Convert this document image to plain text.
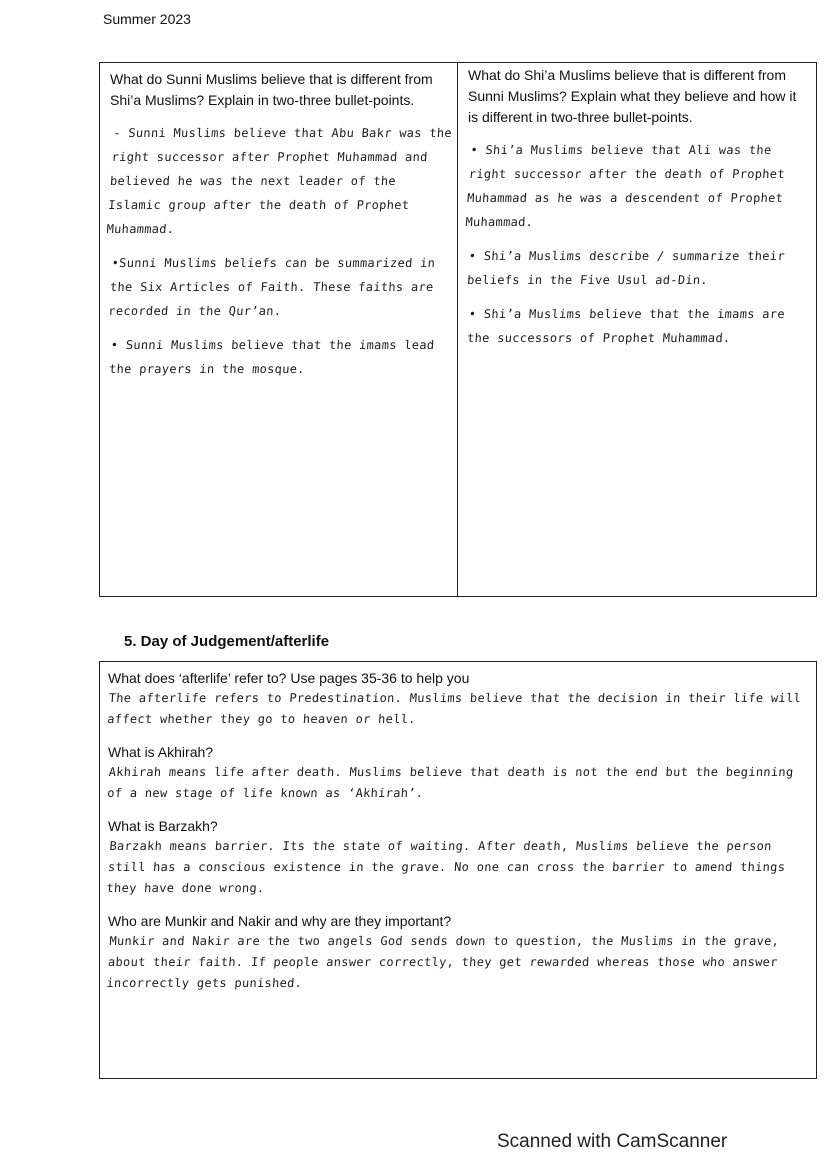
Summer 2023
What do Sunni Muslims believe that is different from Shi’a Muslims? Explain in two-three bullet-points.
- Sunni Muslims believe that Abu Bakr was the right successor after Prophet Muhammad and believed he was the next leader of the Islamic group after the death of Prophet Muhammad.
•Sunni Muslims beliefs can be summarized in the Six Articles of Faith. These faiths are recorded in the Qur’an.
• Sunni Muslims believe that the imams lead the prayers in the mosque.
What do Shi’a Muslims believe that is different from Sunni Muslims? Explain what they believe and how it is different in two-three bullet-points.
• Shi’a Muslims believe that Ali was the right successor after the death of Prophet Muhammad as he was a descendent of Prophet Muhammad.
• Shi’a Muslims describe / summarize their beliefs in the Five Usul ad-Din.
• Shi’a Muslims believe that the imams are the successors of Prophet Muhammad.
5. Day of Judgement/afterlife
What does ‘afterlife’ refer to? Use pages 35-36 to help you
The afterlife refers to Predestination. Muslims believe that the decision in their life will affect whether they go to heaven or hell.
What is Akhirah?
Akhirah means life after death. Muslims believe that death is not the end but the beginning of a new stage of life known as ‘Akhirah’.
What is Barzakh?
Barzakh means barrier. Its the state of waiting. After death, Muslims believe the person still has a conscious existence in the grave. No one can cross the barrier to amend things they have done wrong.
Who are Munkir and Nakir and why are they important?
Munkir and Nakir are the two angels God sends down to question, the Muslims in the grave, about their faith. If people answer correctly, they get rewarded whereas those who answer incorrectly gets punished.
Scanned with CamScanner
